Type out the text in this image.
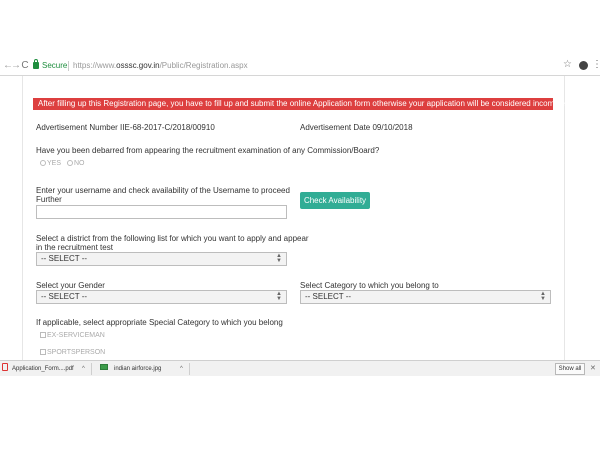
←
→ C	Secure https://www.osssc.gov.in/Public/Registration.aspx	☆ ⋮
After filling up this Registration page, you have to fill up and submit the online Application form otherwise your application will be considered incomplete .
Advertisement Number IIE-68-2017-C/2018/00910	Advertisement Date 09/10/2018
Have you been debarred from appearing the recruitment examination of any Commission/Board?
YES NO
Enter your username and check availability of the Username to proceed
Further	Check Availability
Select a district from the following list for which you want to apply and appear
in the recruitment test
-- SELECT --	▲
▼
Select your Gender
-- SELECT --	▲
▼
Select Category to which you belong to
-- SELECT --	▲
▼
If applicable, select appropriate Special Category to which you belong
EX-SERVICEMAN
SPORTSPERSON
Application_Form....pdf ^	indian airforce.jpg	^	Show all	✕
